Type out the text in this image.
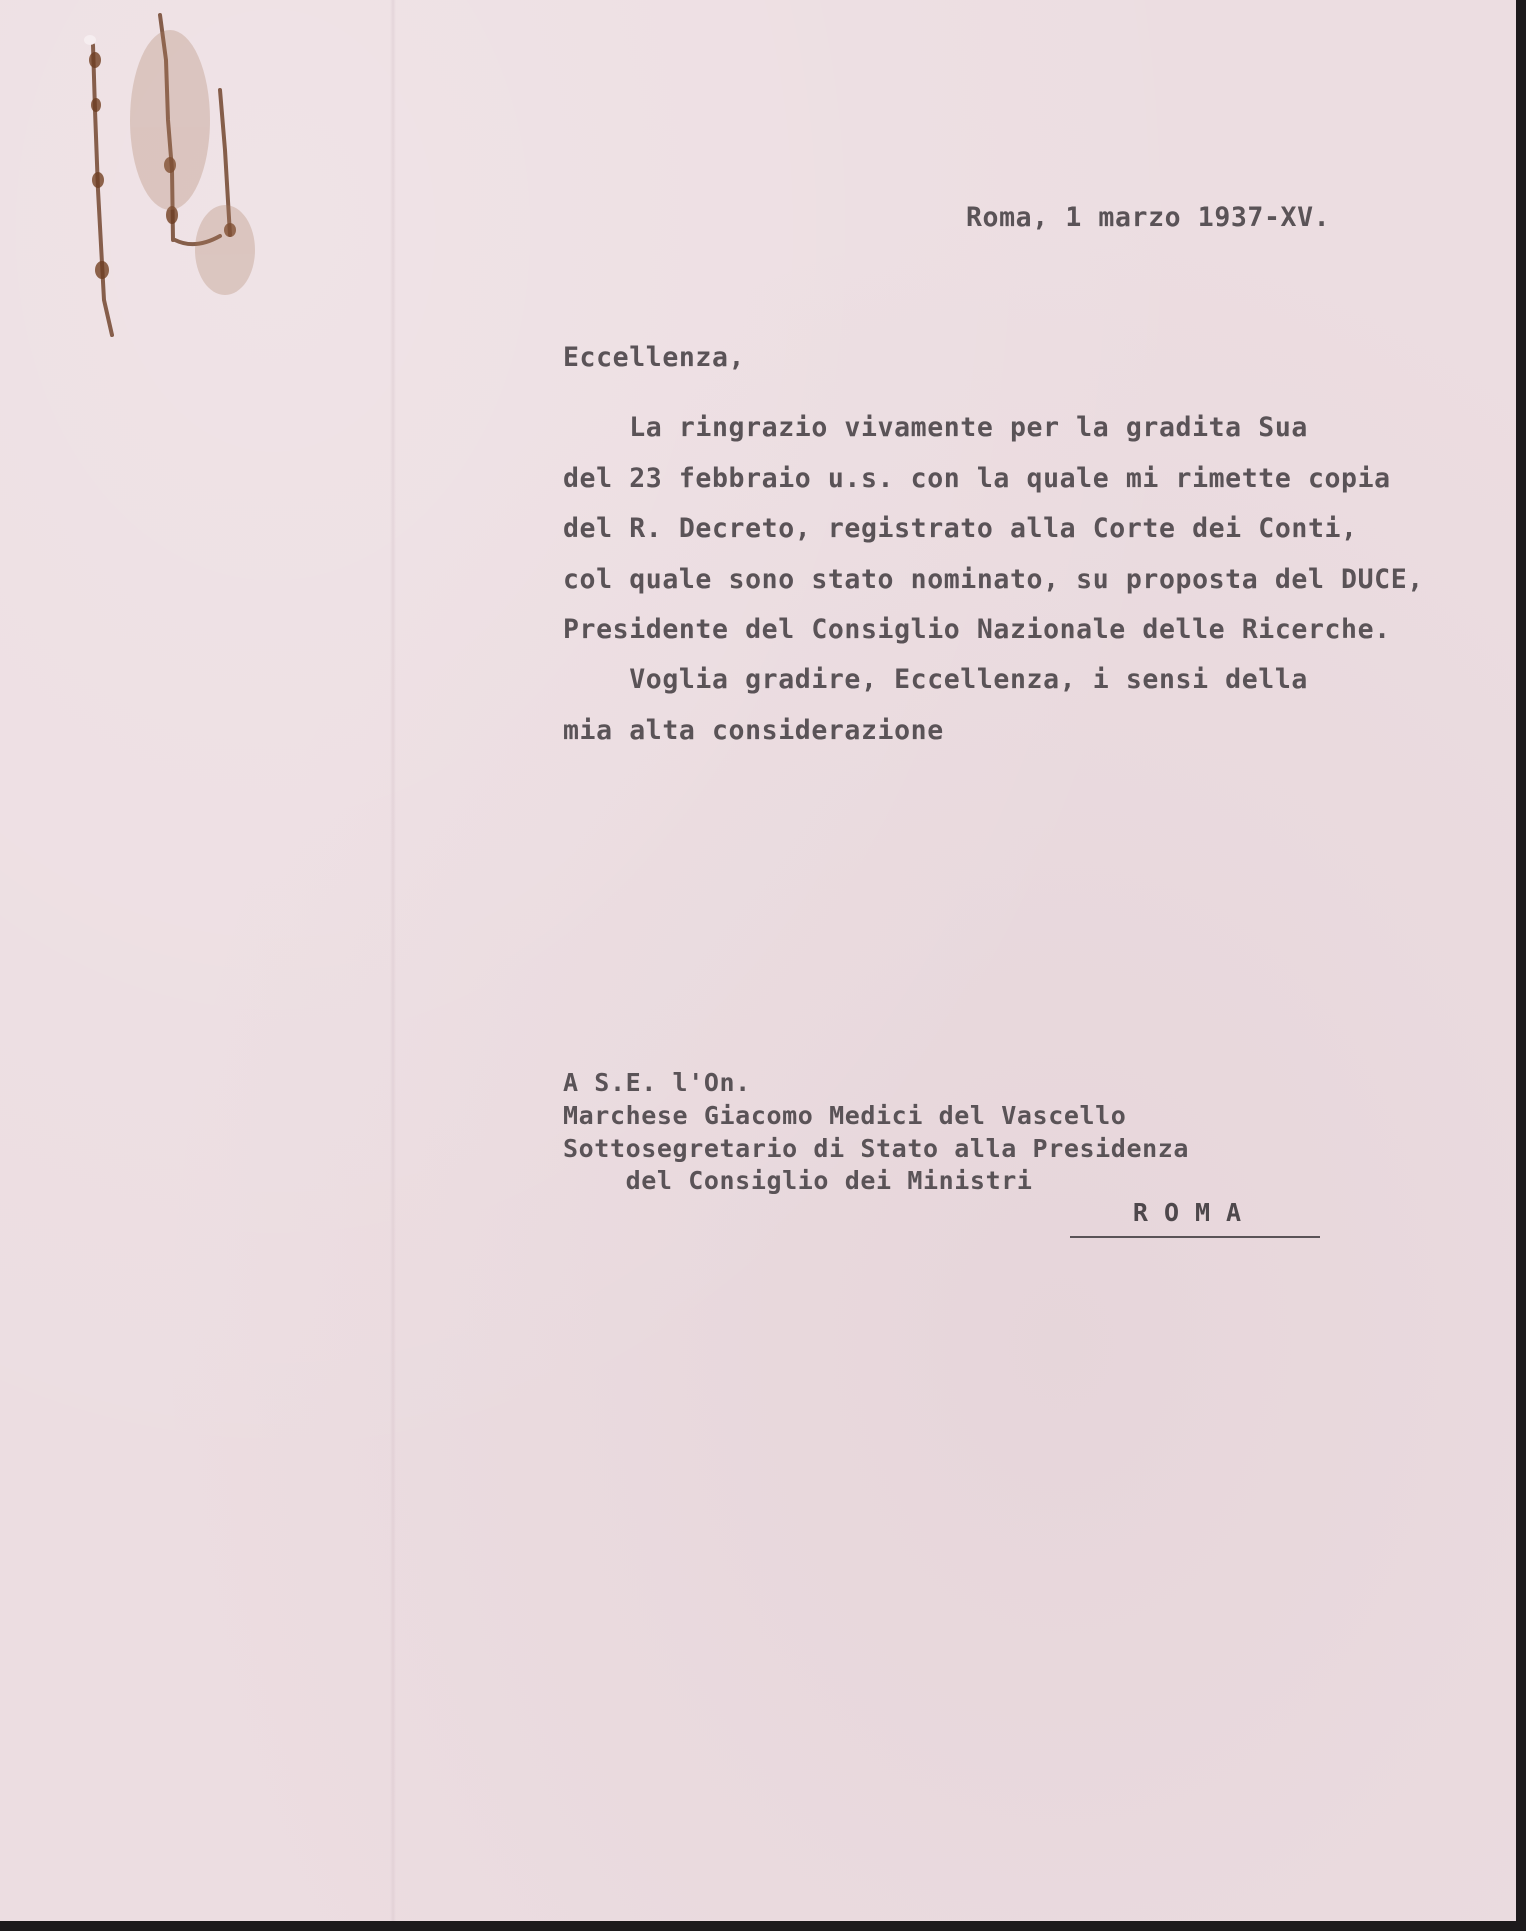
Roma, 1 marzo 1937-XV.
Eccellenza,
La ringrazio vivamente per la gradita Sua
del 23 febbraio u.s. con la quale mi rimette copia
del R. Decreto, registrato alla Corte dei Conti,
col quale sono stato nominato, su proposta del DUCE,
Presidente del Consiglio Nazionale delle Ricerche.
Voglia gradire, Eccellenza, i sensi della
mia alta considerazione
A S.E. l'On.
Marchese Giacomo Medici del Vascello
Sottosegretario di Stato alla Presidenza
del Consiglio dei Ministri
ROMA
